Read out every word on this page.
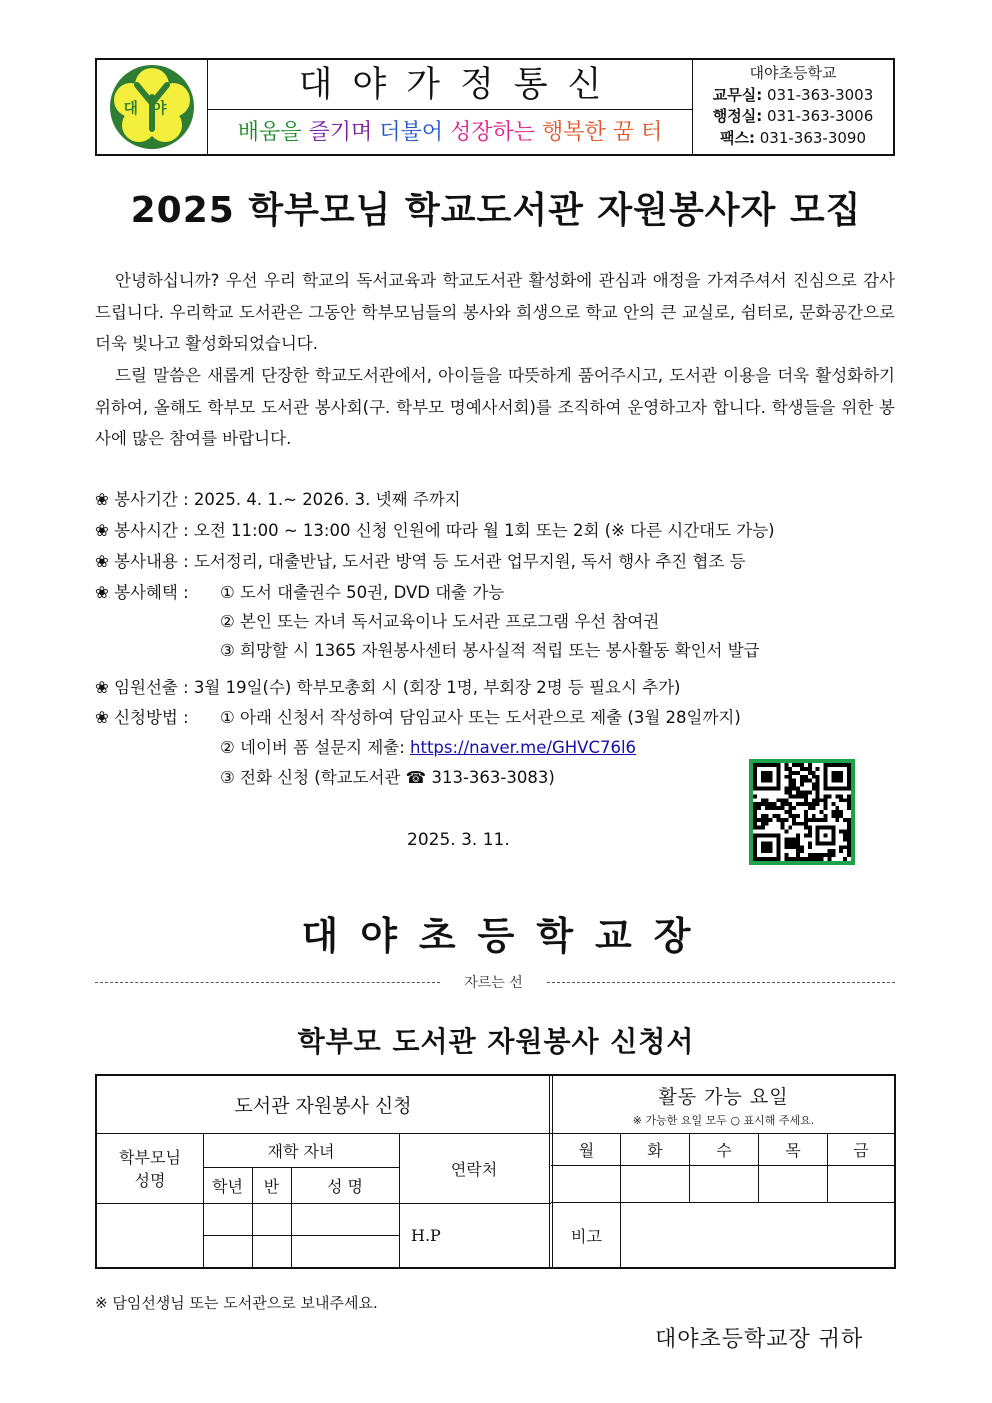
대야
대야가정통신
배움을 즐기며 더불어 성장하는 행복한 꿈 터
대야초등학교
교무실: 031-363-3003
행정실: 031-363-3006
팩스: 031-363-3090
2025 학부모님 학교도서관 자원봉사자 모집
안녕하십니까? 우선 우리 학교의 독서교육과 학교도서관 활성화에 관심과 애정을 가져주셔서 진심으로 감사드립니다. 우리학교 도서관은 그동안 학부모님들의 봉사와 희생으로 학교 안의 큰 교실로, 쉼터로, 문화공간으로 더욱 빛나고 활성화되었습니다.
드릴 말씀은 새롭게 단장한 학교도서관에서, 아이들을 따뜻하게 품어주시고, 도서관 이용을 더욱 활성화하기 위하여, 올해도 학부모 도서관 봉사회(구. 학부모 명예사서회)를 조직하여 운영하고자 합니다. 학생들을 위한 봉사에 많은 참여를 바랍니다.
❀ 봉사기간 : 2025. 4. 1.~ 2026. 3. 넷째 주까지
❀ 봉사시간 : 오전 11:00 ~ 13:00 신청 인원에 따라 월 1회 또는 2회 (※ 다른 시간대도 가능)
❀ 봉사내용 : 도서정리, 대출반납, 도서관 방역 등 도서관 업무지원, 독서 행사 추진 협조 등
❀ 봉사혜택 : ① 도서 대출권수 50권, DVD 대출 가능
② 본인 또는 자녀 독서교육이나 도서관 프로그램 우선 참여권
③ 희망할 시 1365 자원봉사센터 봉사실적 적립 또는 봉사활동 확인서 발급
❀ 임원선출 : 3월 19일(수) 학부모총회 시 (회장 1명, 부회장 2명 등 필요시 추가)
❀ 신청방법 : ① 아래 신청서 작성하여 담임교사 또는 도서관으로 제출 (3월 28일까지)
② 네이버 폼 설문지 제출: https://naver.me/GHVC76l6
③ 전화 신청 (학교도서관 ☎ 313-363-3083)
2025. 3. 11.
대야초등학교장
자르는 선
학부모 도서관 자원봉사 신청서
도서관 자원봉사 신청	활동 가능 요일
※ 가능한 요일 모두 ○ 표시해 주세요.
학부모님 성명
재학 자녀
학년	반	성 명
연락처
월	화	수	목	금
H.P	비고
※ 담임선생님 또는 도서관으로 보내주세요.
대야초등학교장 귀하
